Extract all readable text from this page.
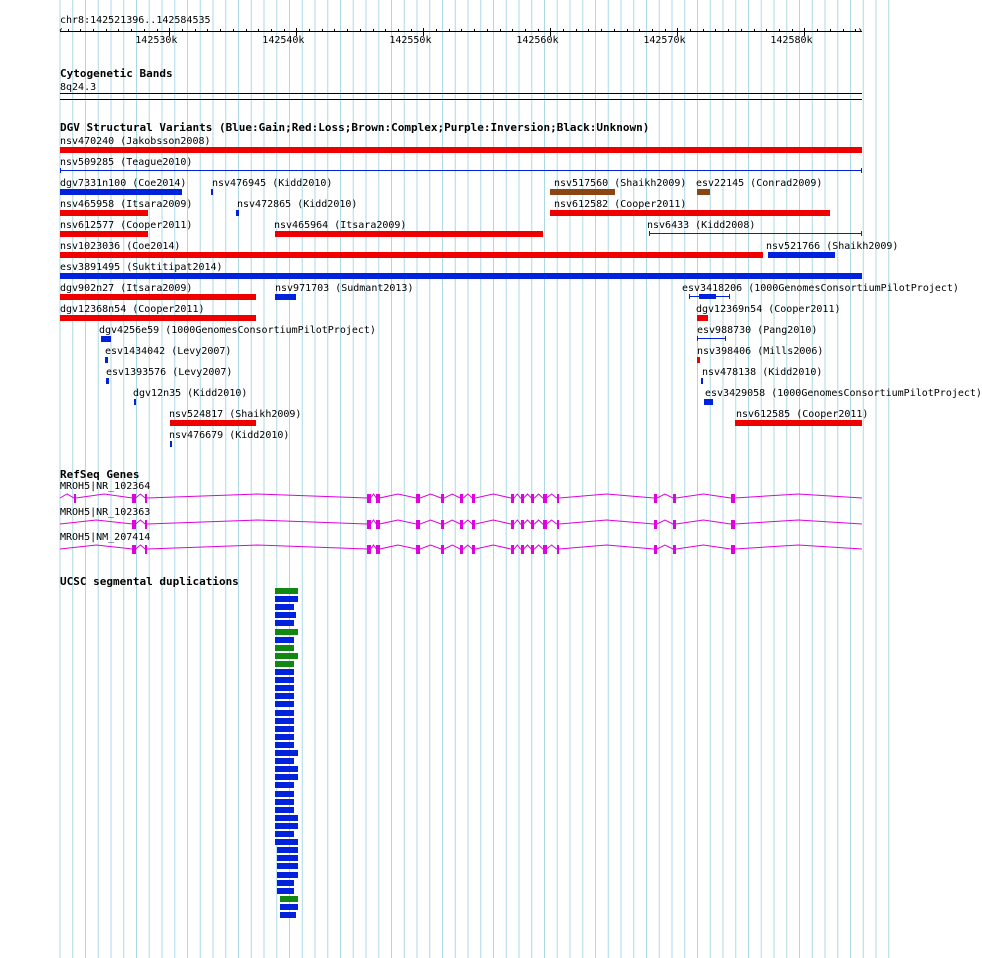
chr8:142521396..142584535
‹	›
142530k	142540k	142550k	142560k	142570k	142580k
Cytogenetic Bands
8q24.3
DGV Structural Variants (Blue:Gain;Red:Loss;Brown:Complex;Purple:Inversion;Black:Unknown)
nsv470240 (Jakobsson2008)
nsv509285 (Teague2010)
dgv7331n100 (Coe2014)	nsv476945 (Kidd2010)	nsv517560 (Shaikh2009) esv22145 (Conrad2009)
nsv465958 (Itsara2009)	nsv472865 (Kidd2010)	nsv612582 (Cooper2011)
nsv612577 (Cooper2011)	nsv465964 (Itsara2009)	nsv6433 (Kidd2008)
nsv1023036 (Coe2014)	nsv521766 (Shaikh2009)
esv3891495 (Suktitipat2014)
dgv902n27 (Itsara2009)	nsv971703 (Sudmant2013)	esv3418206 (1000GenomesConsortiumPilotProject)
dgv12368n54 (Cooper2011)	dgv12369n54 (Cooper2011)
dgv4256e59 (1000GenomesConsortiumPilotProject)	esv988730 (Pang2010)
esv1434042 (Levy2007)	nsv398406 (Mills2006)
esv1393576 (Levy2007)	nsv478138 (Kidd2010)
dgv12n35 (Kidd2010)	esv3429058 (1000GenomesConsortiumPilotProject)
nsv524817 (Shaikh2009)	nsv612585 (Cooper2011)
nsv476679 (Kidd2010)
RefSeq Genes
MROH5|NR_102364
MROH5|NR_102363
MROH5|NM_207414
UCSC segmental duplications
